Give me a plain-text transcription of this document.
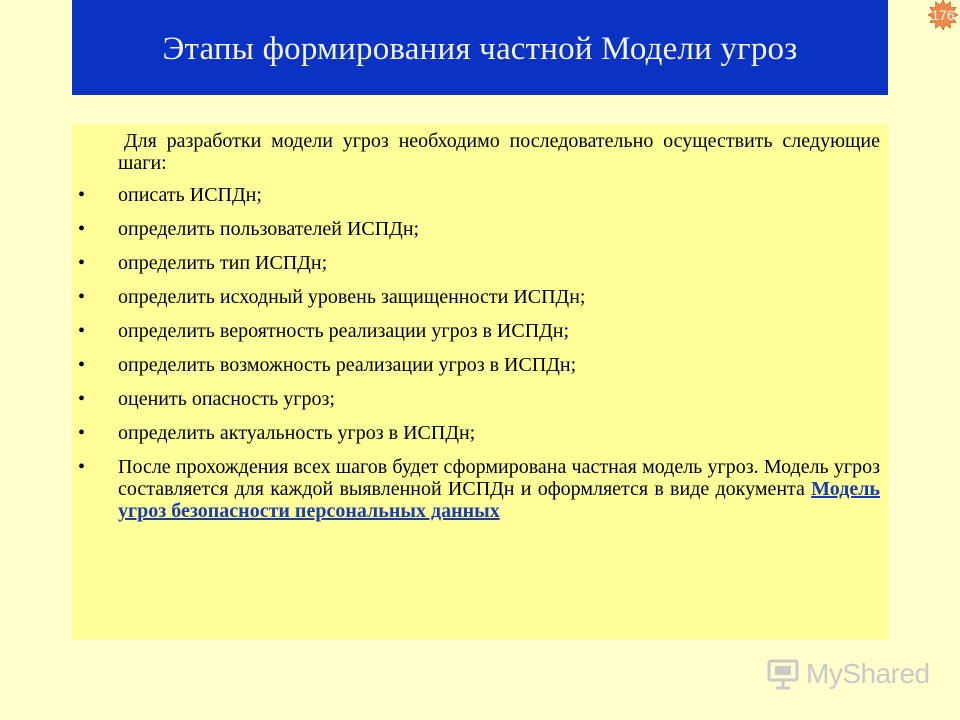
Этапы формирования частной Модели угроз
176

Для разработки модели угроз необходимо последовательно осуществить следующие шаги:

• описать ИСПДн;
• определить пользователей ИСПДн;
• определить тип ИСПДн;
• определить исходный уровень защищенности ИСПДн;
• определить вероятность реализации угроз в ИСПДн;
• определить возможность реализации угроз в ИСПДн;
• оценить опасность угроз;
• определить актуальность угроз в ИСПДн;
• После прохождения всех шагов будет сформирована частная модель угроз. Модель угроз составляется для каждой выявленной ИСПДн и оформляется в виде документа Модель угроз безопасности персональных данных
MyShared
